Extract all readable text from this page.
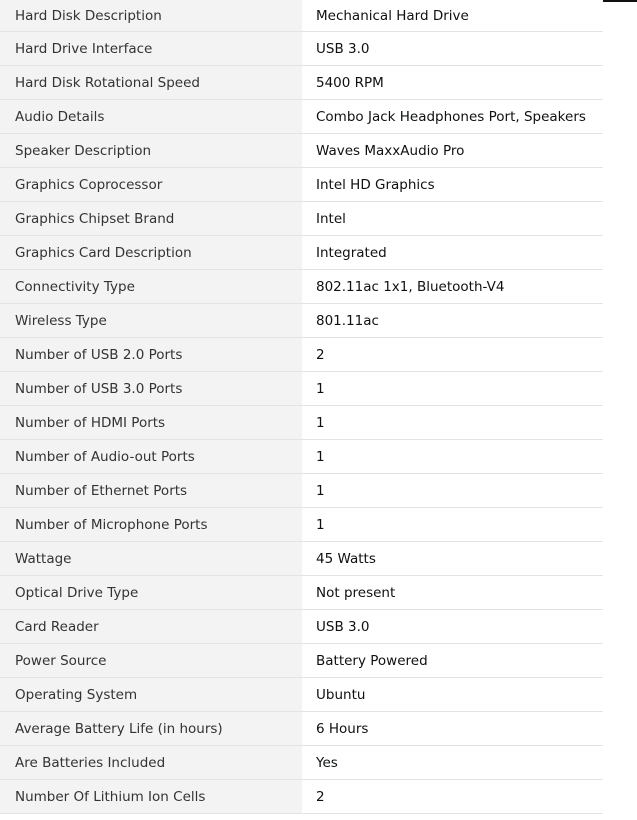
Hard Disk Description	Mechanical Hard Drive
Hard Drive Interface	USB 3.0
Hard Disk Rotational Speed	5400 RPM
Audio Details	Combo Jack Headphones Port, Speakers
Speaker Description	Waves MaxxAudio Pro
Graphics Coprocessor	Intel HD Graphics
Graphics Chipset Brand	Intel
Graphics Card Description	Integrated
Connectivity Type	802.11ac 1x1, Bluetooth-V4
Wireless Type	801.11ac
Number of USB 2.0 Ports	2
Number of USB 3.0 Ports	1
Number of HDMI Ports	1
Number of Audio-out Ports	1
Number of Ethernet Ports	1
Number of Microphone Ports	1
Wattage	45 Watts
Optical Drive Type	Not present
Card Reader	USB 3.0
Power Source	Battery Powered
Operating System	Ubuntu
Average Battery Life (in hours)	6 Hours
Are Batteries Included	Yes
Number Of Lithium Ion Cells	2
